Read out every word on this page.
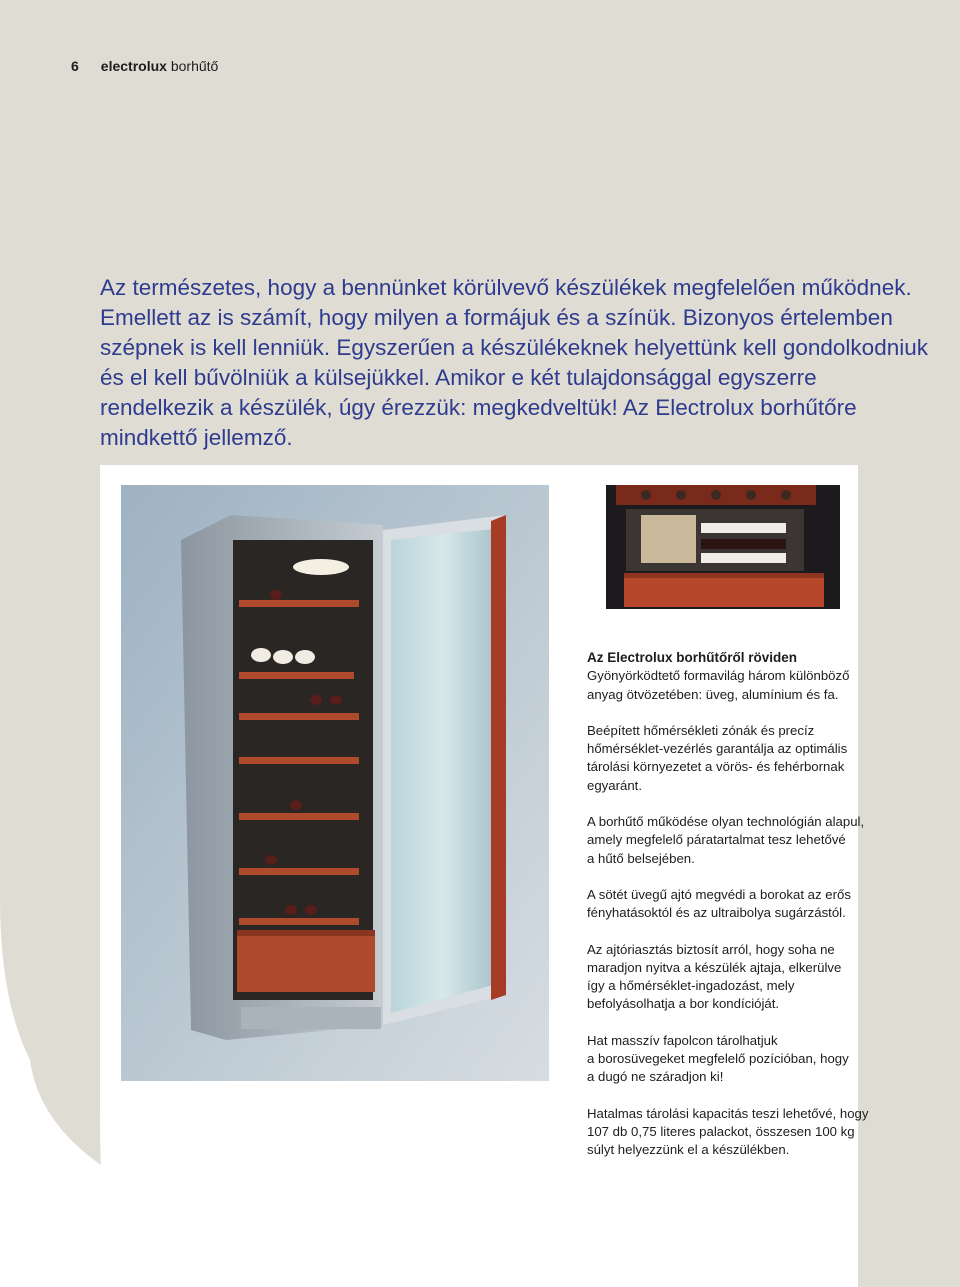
6 electrolux borhűtő

Az természetes, hogy a bennünket körülvevő készülékek megfelelően működnek. Emellett az is számít, hogy milyen a formájuk és a színük. Bizonyos értelemben szépnek is kell lenniük. Egyszerűen a készülékeknek helyettünk kell gondolkodniuk és el kell bűvölniük a külsejükkel. Amikor e két tulajdonsággal egyszerre rendelkezik a készülék, úgy érezzük: megkedveltük! Az Electrolux borhűtőre mindkettő jellemző.

Az Electrolux borhűtőről röviden

Gyönyörködtető formavilág három különböző
anyag ötvözetében: üveg, alumínium és fa.

Beépített hőmérsékleti zónák és precíz
hőmérséklet-vezérlés garantálja az optimális
tárolási környezetet a vörös- és fehérbornak
egyaránt.

A borhűtő működése olyan technológián alapul,
amely megfelelő páratartalmat tesz lehetővé
a hűtő belsejében.

A sötét üvegű ajtó megvédi a borokat az erős
fényhatásoktól és az ultraibolya sugárzástól.

Az ajtóriasztás biztosít arról, hogy soha ne
maradjon nyitva a készülék ajtaja, elkerülve
így a hőmérséklet-ingadozást, mely
befolyásolhatja a bor kondícióját.

Hat masszív fapolcon tárolhatjuk
a borosüvegeket megfelelő pozícióban, hogy
a dugó ne száradjon ki!

Hatalmas tárolási kapacitás teszi lehetővé, hogy
107 db 0,75 literes palackot, összesen 100 kg
súlyt helyezzünk el a készülékben.
